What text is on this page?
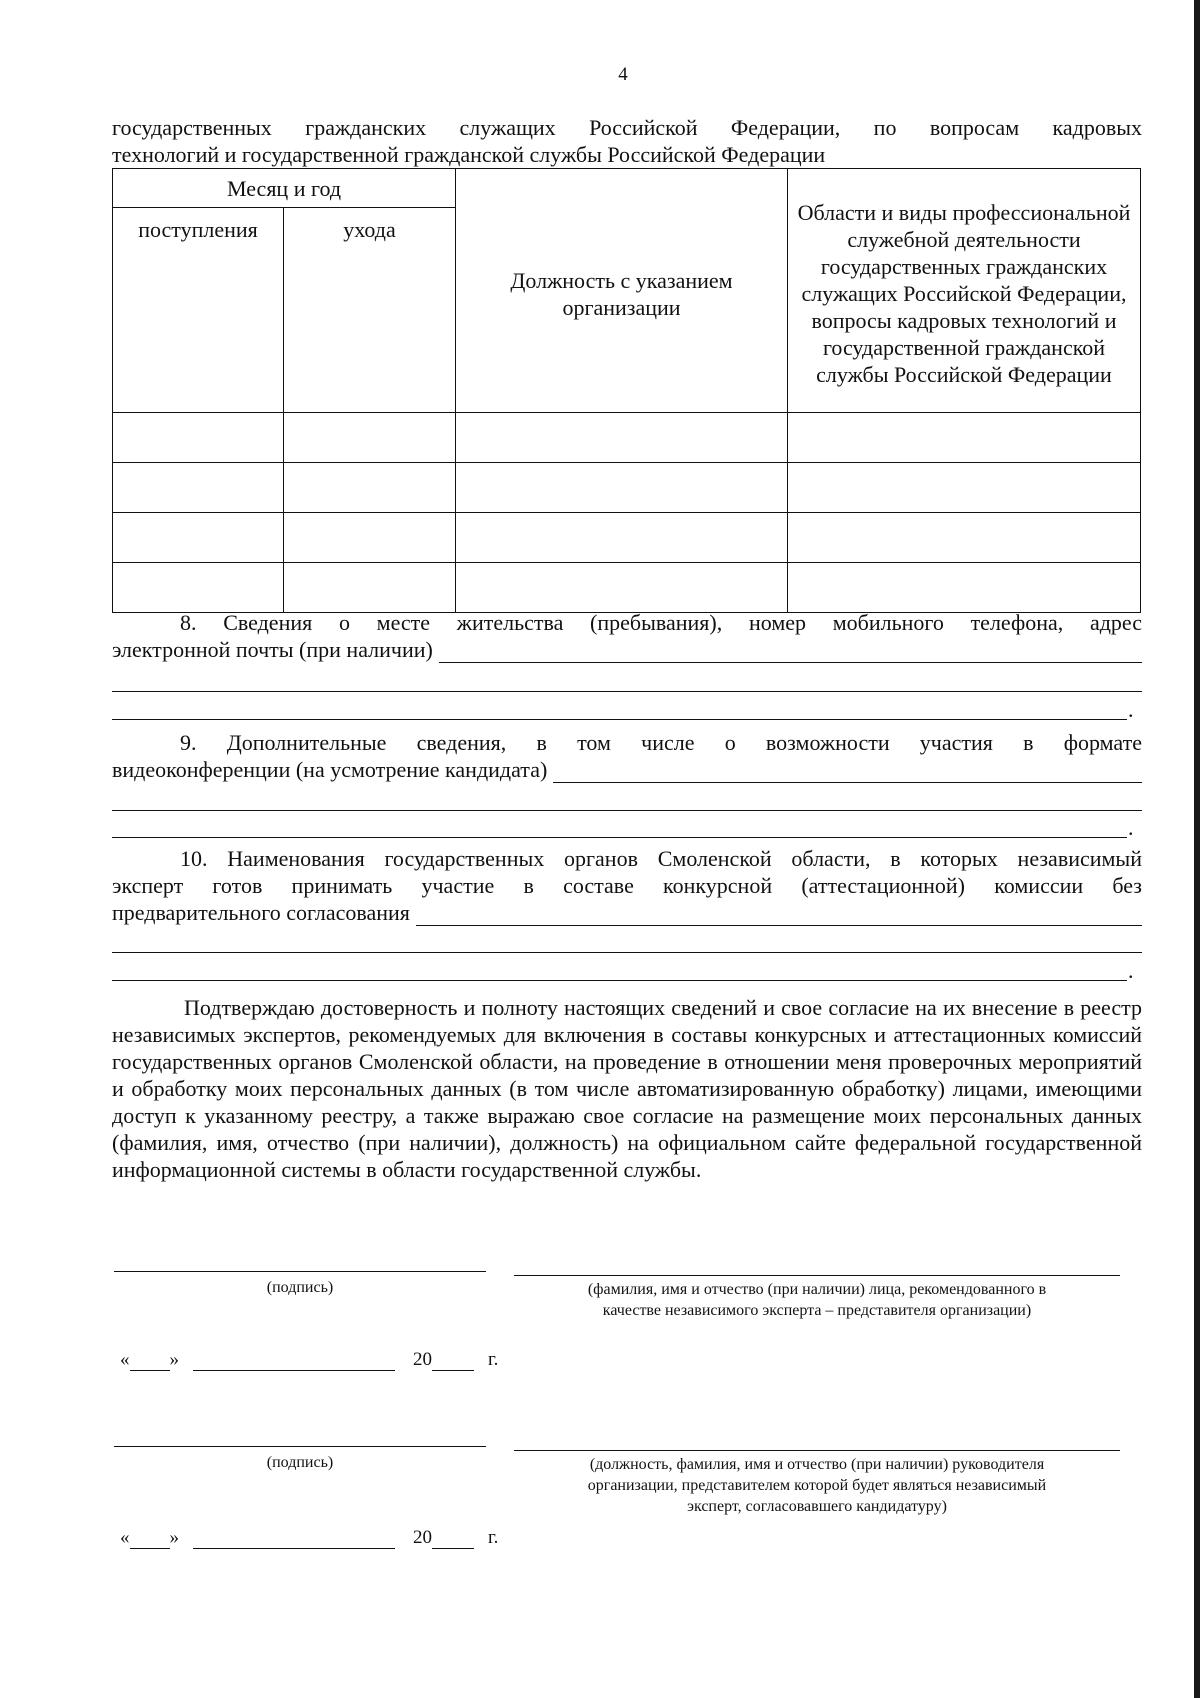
4
государственных гражданских служащих Российской Федерации, по вопросам кадровых
технологий и государственной гражданской службы Российской Федерации
Месяц и год		Должность с указанием организации	Области и виды профессиональной служебной деятельности государственных гражданских служащих Российской Федерации, вопросы кадровых технологий и государственной гражданской службы Российской Федерации
поступления	ухода		

8. Сведения о месте жительства (пребывания), номер мобильного телефона, адрес
электронной почты (при наличии)
.
9. Дополнительные сведения, в том числе о возможности участия в формате
видеоконференции (на усмотрение кандидата)
.
10. Наименования государственных органов Смоленской области, в которых независимый
эксперт готов принимать участие в составе конкурсной (аттестационной) комиссии без
предварительного согласования
.
Подтверждаю достоверность и полноту настоящих сведений и свое согласие на их внесение в реестр независимых экспертов, рекомендуемых для включения в составы конкурсных и аттестационных комиссий государственных органов Смоленской области, на проведение в отношении меня проверочных мероприятий и обработку моих персональных данных (в том числе автоматизированную обработку) лицами, имеющими доступ к указанному реестру, а также выражаю свое согласие на размещение моих персональных данных (фамилия, имя, отчество (при наличии), должность) на официальном сайте федеральной государственной информационной системы в области государственной службы.
(подпись)	(фамилия, имя и отчество (при наличии) лица, рекомендованного в качестве независимого эксперта – представителя организации)
« »	20	г.
(подпись)	(должность, фамилия, имя и отчество (при наличии) руководителя организации, представителем которой будет являться независимый эксперт, согласовавшего кандидатуру)
« »	20	г.
